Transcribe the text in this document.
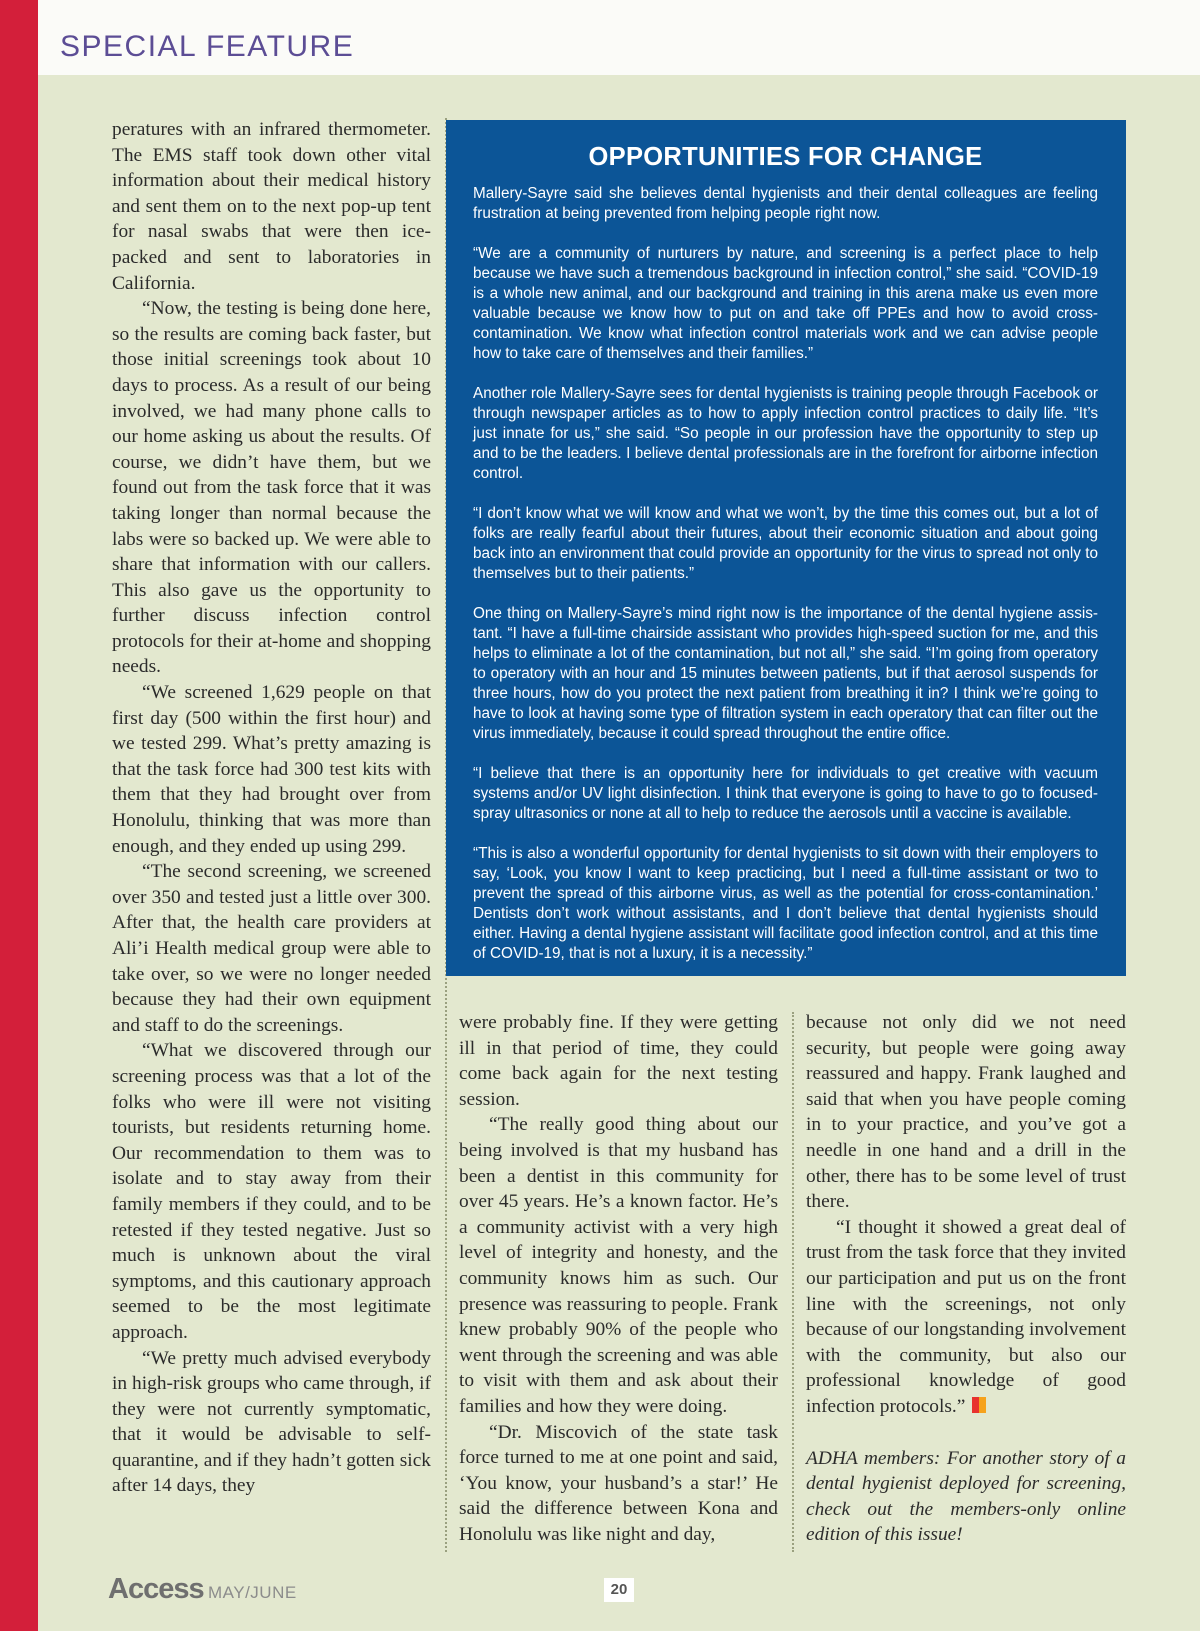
SPECIAL FEATURE

peratures with an infrared thermometer. The EMS staff took down other vital information about their medical history and sent them on to the next pop-up tent for nasal swabs that were then ice-packed and sent to laboratories in California.

“Now, the testing is being done here, so the results are coming back faster, but those initial screenings took about 10 days to process. As a result of our being involved, we had many phone calls to our home asking us about the results. Of course, we didn’t have them, but we found out from the task force that it was taking longer than normal because the labs were so backed up. We were able to share that information with our callers. This also gave us the opportunity to further discuss infection control protocols for their at-home and shopping needs.

“We screened 1,629 people on that first day (500 within the first hour) and we tested 299. What’s pretty amazing is that the task force had 300 test kits with them that they had brought over from Honolulu, thinking that was more than enough, and they ended up using 299.

“The second screening, we screened over 350 and tested just a little over 300. After that, the health care providers at Ali’i Health medical group were able to take over, so we were no longer needed because they had their own equipment and staff to do the screenings.

“What we discovered through our screening process was that a lot of the folks who were ill were not visiting tourists, but residents returning home. Our recommendation to them was to isolate and to stay away from their family members if they could, and to be retested if they tested negative. Just so much is unknown about the viral symptoms, and this cautionary approach seemed to be the most legitimate approach.

“We pretty much advised everybody in high-risk groups who came through, if they were not currently symptomatic, that it would be advisable to self-quarantine, and if they hadn’t gotten sick after 14 days, they

OPPORTUNITIES FOR CHANGE

Mallery-Sayre said she believes dental hygienists and their dental colleagues are feeling frustration at being prevented from helping people right now.

“We are a community of nurturers by nature, and screening is a perfect place to help because we have such a tremendous background in infection control,” she said. “COVID-19 is a whole new animal, and our background and training in this arena make us even more valuable because we know how to put on and take off PPEs and how to avoid cross-contamination. We know what infection control materials work and we can advise people how to take care of themselves and their families.”

Another role Mallery-Sayre sees for dental hygienists is training people through Facebook or through newspaper articles as to how to apply infection control practices to daily life. “It’s just innate for us,” she said. “So people in our profession have the opportunity to step up and to be the leaders. I believe dental professionals are in the forefront for airborne infection control.

“I don’t know what we will know and what we won’t, by the time this comes out, but a lot of folks are really fearful about their futures, about their economic situation and about going back into an environment that could provide an opportunity for the virus to spread not only to themselves but to their patients.”

One thing on Mallery-Sayre’s mind right now is the importance of the dental hygiene assistant. “I have a full-time chairside assistant who provides high-speed suction for me, and this helps to eliminate a lot of the contamination, but not all,” she said. “I’m going from operatory to operatory with an hour and 15 minutes between patients, but if that aerosol suspends for three hours, how do you protect the next patient from breathing it in? I think we’re going to have to look at having some type of filtration system in each operatory that can filter out the virus immediately, because it could spread throughout the entire office.

“I believe that there is an opportunity here for individuals to get creative with vacuum systems and/or UV light disinfection. I think that everyone is going to have to go to focused-spray ultrasonics or none at all to help to reduce the aerosols until a vaccine is available.

“This is also a wonderful opportunity for dental hygienists to sit down with their employers to say, ‘Look, you know I want to keep practicing, but I need a full-time assistant or two to prevent the spread of this airborne virus, as well as the potential for cross-contamination.’ Dentists don’t work without assistants, and I don’t believe that dental hygienists should either. Having a dental hygiene assistant will facilitate good infection control, and at this time of COVID-19, that is not a luxury, it is a necessity.”

were probably fine. If they were getting ill in that period of time, they could come back again for the next testing session.

“The really good thing about our being involved is that my husband has been a dentist in this community for over 45 years. He’s a known factor. He’s a community activist with a very high level of integrity and honesty, and the community knows him as such. Our presence was reassuring to people. Frank knew probably 90% of the people who went through the screening and was able to visit with them and ask about their families and how they were doing.

“Dr. Miscovich of the state task force turned to me at one point and said, ‘You know, your husband’s a star!’ He said the difference between Kona and Honolulu was like night and day,

because not only did we not need security, but people were going away reassured and happy. Frank laughed and said that when you have people coming in to your practice, and you’ve got a needle in one hand and a drill in the other, there has to be some level of trust there.

“I thought it showed a great deal of trust from the task force that they invited our participation and put us on the front line with the screenings, not only because of our longstanding involvement with the community, but also our professional knowledge of good infection protocols.”

ADHA members: For another story of a dental hygienist deployed for screening, check out the members-only online edition of this issue!

Access MAY/JUNE	20
